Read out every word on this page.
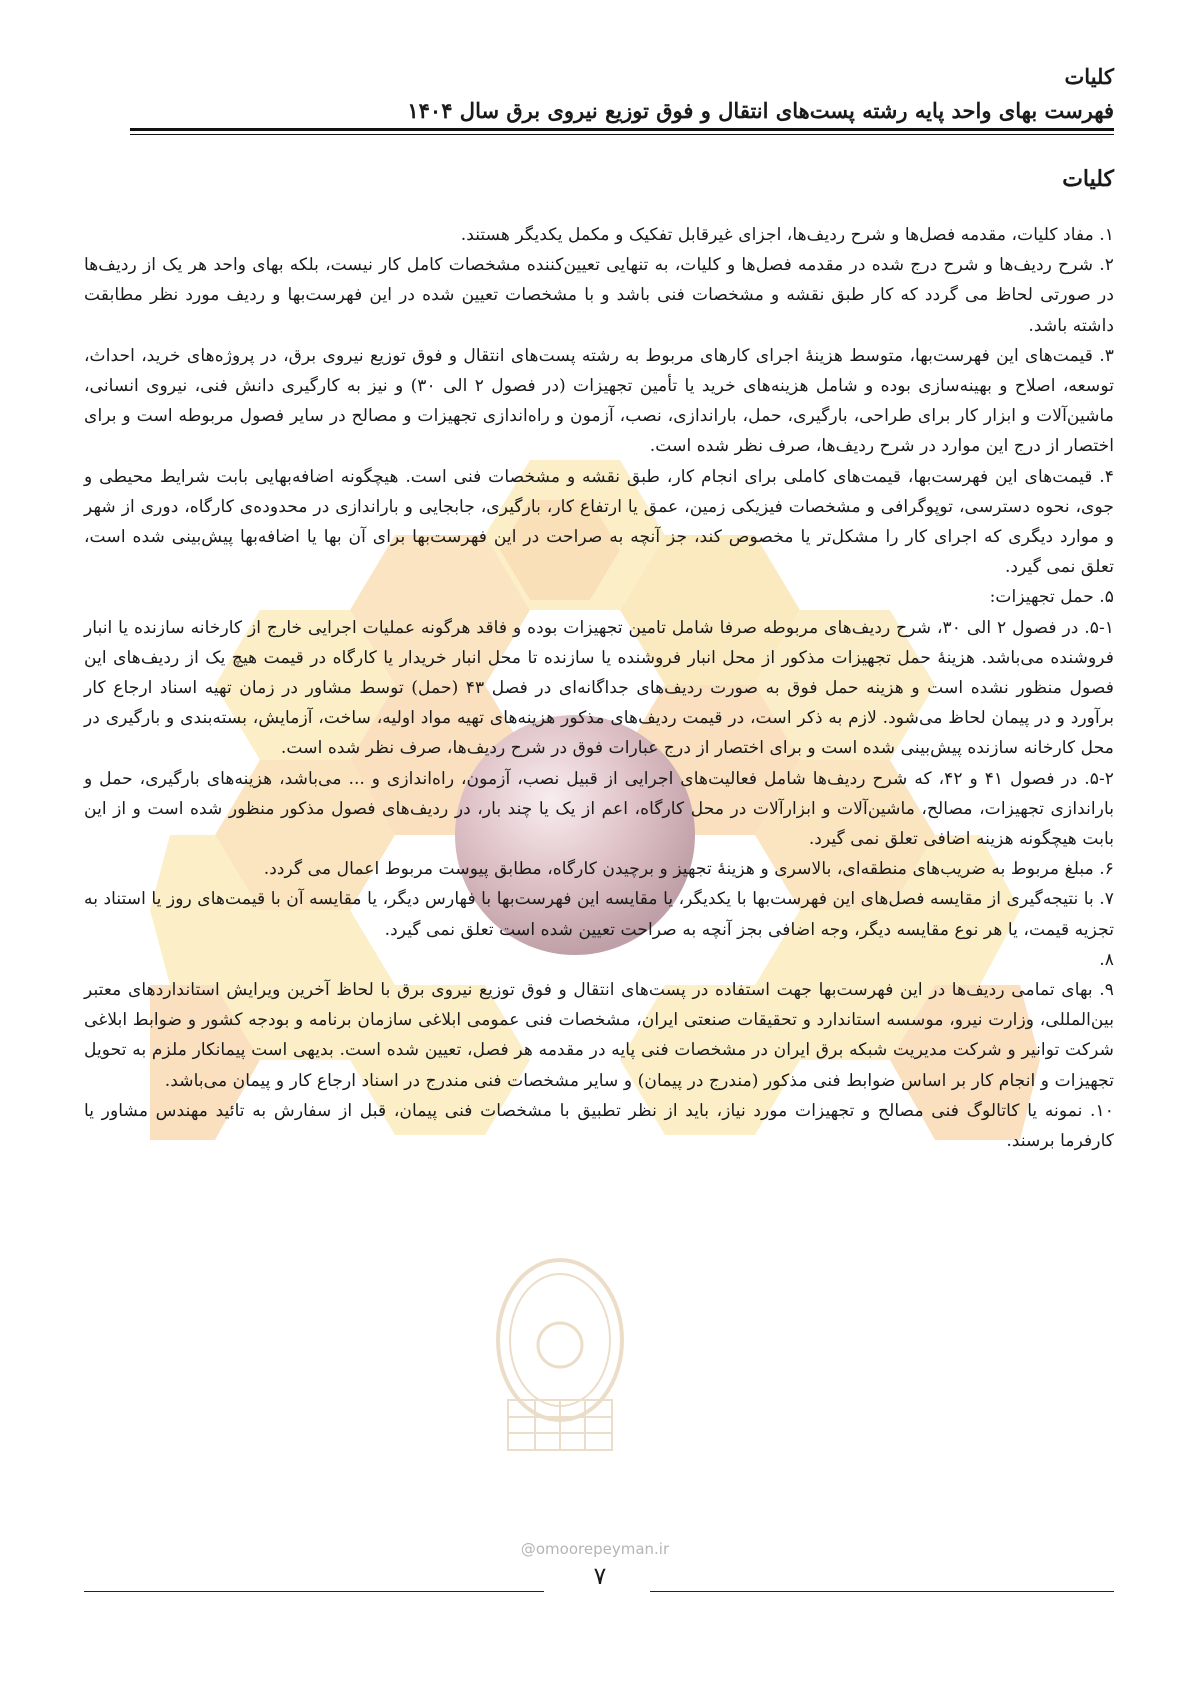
@omoorepeyman.ir
کلیات
فهرست بهای واحد پایه رشته پست‌های انتقال و فوق توزیع نیروی برق سال ۱۴۰۴
کلیات

۱. مفاد کلیات، مقدمه فصل‌ها و شرح ردیف‌ها، اجزای غیرقابل تفکیک و مکمل یکدیگر هستند.

۲. شرح ردیف‌ها و شرح درج شده در مقدمه فصل‌ها و کلیات، به تنهایی تعیین‌کننده مشخصات کامل کار نیست، بلکه بهای واحد هر یک از ردیف‌ها در صورتی لحاظ می گردد که کار طبق نقشه و مشخصات فنی باشد و با مشخصات تعیین شده در این فهرست‌بها و ردیف مورد نظر مطابقت داشته باشد.

۳. قیمت‌های این فهرست‌بها، متوسط هزینهٔ اجرای کارهای مربوط به رشته پست‌های انتقال و فوق توزیع نیروی برق، در پروژه‌های خرید، احداث، توسعه، اصلاح و بهینه‌سازی بوده و شامل هزینه‌های خرید یا تأمین تجهیزات (در فصول ۲ الی ۳۰) و نیز به کارگیری دانش فنی، نیروی انسانی، ماشین‌آلات و ابزار کار برای طراحی، بارگیری، حمل، باراندازی، نصب، آزمون و راه‌اندازی تجهیزات و مصالح در سایر فصول مربوطه است و برای اختصار از درج این موارد در شرح ردیف‌ها، صرف نظر شده است.

۴. قیمت‌های این فهرست‌بها، قیمت‌های کاملی برای انجام کار، طبق نقشه و مشخصات فنی است. هیچگونه اضافه‌بهایی بابت شرایط محیطی و جوی، نحوه دسترسی، توپوگرافی و مشخصات فیزیکی زمین، عمق یا ارتفاع کار، بارگیری، جابجایی و باراندازی در محدوده‌ی کارگاه، دوری از شهر و موارد دیگری که اجرای کار را مشکل‌تر یا مخصوص کند، جز آنچه به صراحت در این فهرست‌بها برای آن بها یا اضافه‌بها پیش‌بینی شده است، تعلق نمی گیرد.

۵. حمل تجهیزات:

۵-۱. در فصول ۲ الی ۳۰، شرح ردیف‌های مربوطه صرفا شامل تامین تجهیزات بوده و فاقد هرگونه عملیات اجرایی خارج از کارخانه سازنده یا انبار فروشنده می‌باشد. هزینهٔ حمل تجهیزات مذکور از محل انبار فروشنده یا سازنده تا محل انبار خریدار یا کارگاه در قیمت هیچ یک از ردیف‌های این فصول منظور نشده است و هزینه حمل فوق به صورت ردیف‌های جداگانه‌ای در فصل ۴۳ (حمل) توسط مشاور در زمان تهیه اسناد ارجاع کار برآورد و در پیمان لحاظ می‌شود. لازم به ذکر است، در قیمت ردیف‌های مذکور هزینه‌های تهیه مواد اولیه، ساخت، آزمایش، بسته‌بندی و بارگیری در محل کارخانه سازنده پیش‌بینی شده است و برای اختصار از درج عبارات فوق در شرح ردیف‌ها، صرف نظر شده است.

۵-۲. در فصول ۴۱ و ۴۲، که شرح ردیف‌ها شامل فعالیت‌های اجرایی از قبیل نصب، آزمون، راه‌اندازی و ... می‌باشد، هزینه‌های بارگیری، حمل و باراندازی تجهیزات، مصالح، ماشین‌آلات و ابزارآلات در محل کارگاه، اعم از یک یا چند بار، در ردیف‌های فصول مذکور منظور شده است و از این بابت هیچگونه هزینه اضافی تعلق نمی گیرد.

۶. مبلغ مربوط به ضریب‌های منطقه‌ای، بالاسری و هزینهٔ تجهیز و برچیدن کارگاه، مطابق پیوست مربوط اعمال می گردد.

۷. با نتیجه‌گیری از مقایسه فصل‌های این فهرست‌بها با یکدیگر، یا مقایسه این فهرست‌بها با فهارس دیگر، یا مقایسه آن با قیمت‌های روز یا استناد به تجزیه قیمت، یا هر نوع مقایسه دیگر، وجه اضافی بجز آنچه به صراحت تعیین شده است تعلق نمی گیرد.

۸.

۹. بهای تمامی ردیف‌ها در این فهرست‌بها جهت استفاده در پست‌های انتقال و فوق توزیع نیروی برق با لحاظ آخرین ویرایش استانداردهای معتبر بین‌المللی، وزارت نیرو، موسسه استاندارد و تحقیقات صنعتی ایران، مشخصات فنی عمومی ابلاغی سازمان برنامه و بودجه کشور و ضوابط ابلاغی شرکت توانیر و شرکت مدیریت شبکه برق ایران در مشخصات فنی پایه در مقدمه هر فصل، تعیین شده است. بدیهی است پیمانکار ملزم به تحویل تجهیزات و انجام کار بر اساس ضوابط فنی مذکور (مندرج در پیمان) و سایر مشخصات فنی مندرج در اسناد ارجاع کار و پیمان می‌باشد.

۱۰. نمونه یا کاتالوگ فنی مصالح و تجهیزات مورد نیاز، باید از نظر تطبیق با مشخصات فنی پیمان، قبل از سفارش به تائید مهندس مشاور یا کارفرما برسند.

۷
